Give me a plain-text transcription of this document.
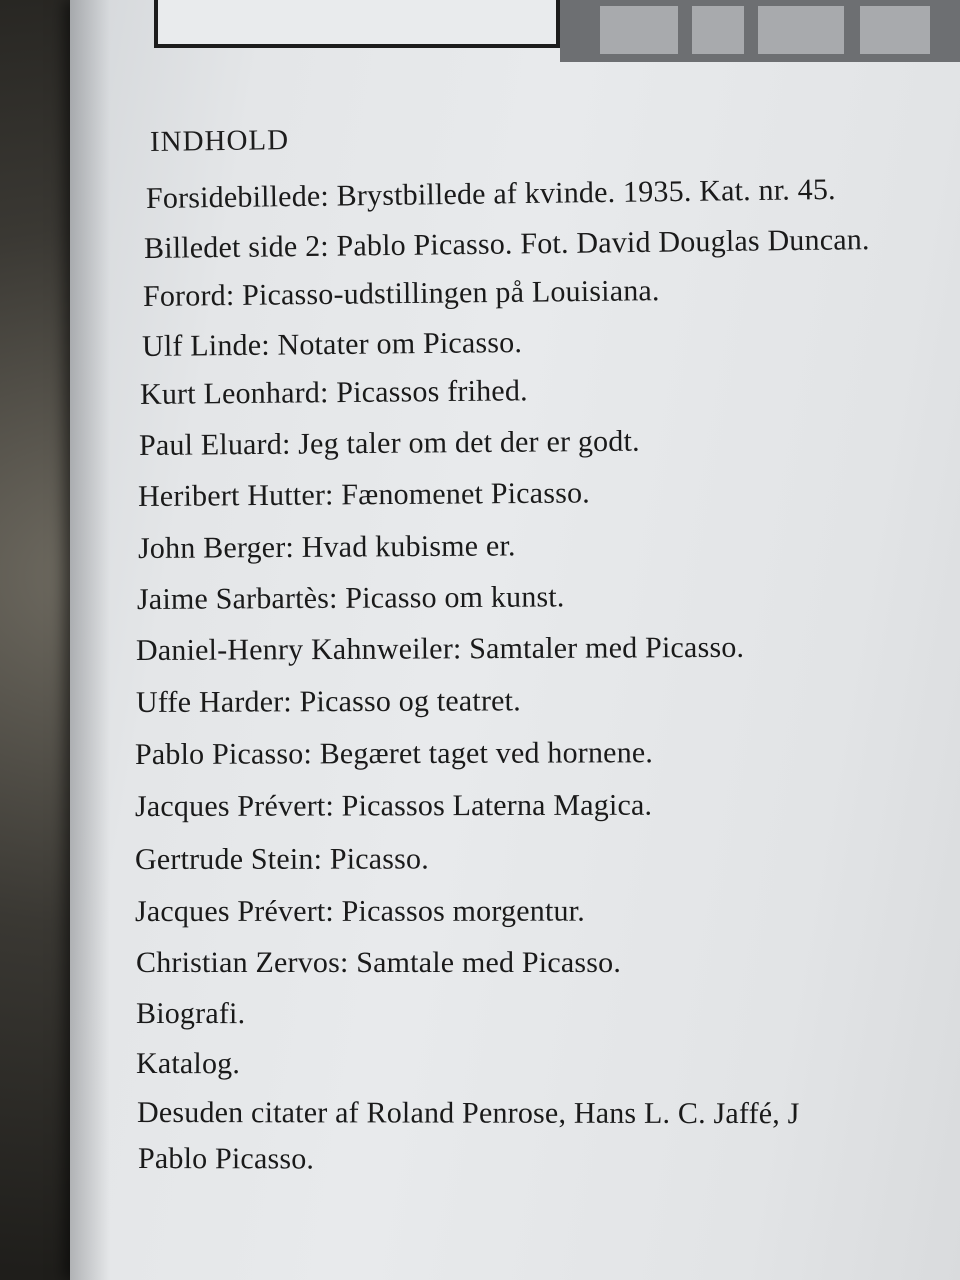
INDHOLD
Forsidebillede: Brystbillede af kvinde. 1935. Kat. nr. 45.
Billedet side 2: Pablo Picasso. Fot. David Douglas Duncan.
Forord: Picasso-udstillingen på Louisiana.
Ulf Linde: Notater om Picasso.
Kurt Leonhard: Picassos frihed.
Paul Eluard: Jeg taler om det der er godt.
Heribert Hutter: Fænomenet Picasso.
John Berger: Hvad kubisme er.
Jaime Sarbartès: Picasso om kunst.
Daniel-Henry Kahnweiler: Samtaler med Picasso.
Uffe Harder: Picasso og teatret.
Pablo Picasso: Begæret taget ved hornene.
Jacques Prévert: Picassos Laterna Magica.
Gertrude Stein: Picasso.
Jacques Prévert: Picassos morgentur.
Christian Zervos: Samtale med Picasso.
Biografi.
Katalog.
Desuden citater af Roland Penrose, Hans L. C. Jaffé, J
Pablo Picasso.
